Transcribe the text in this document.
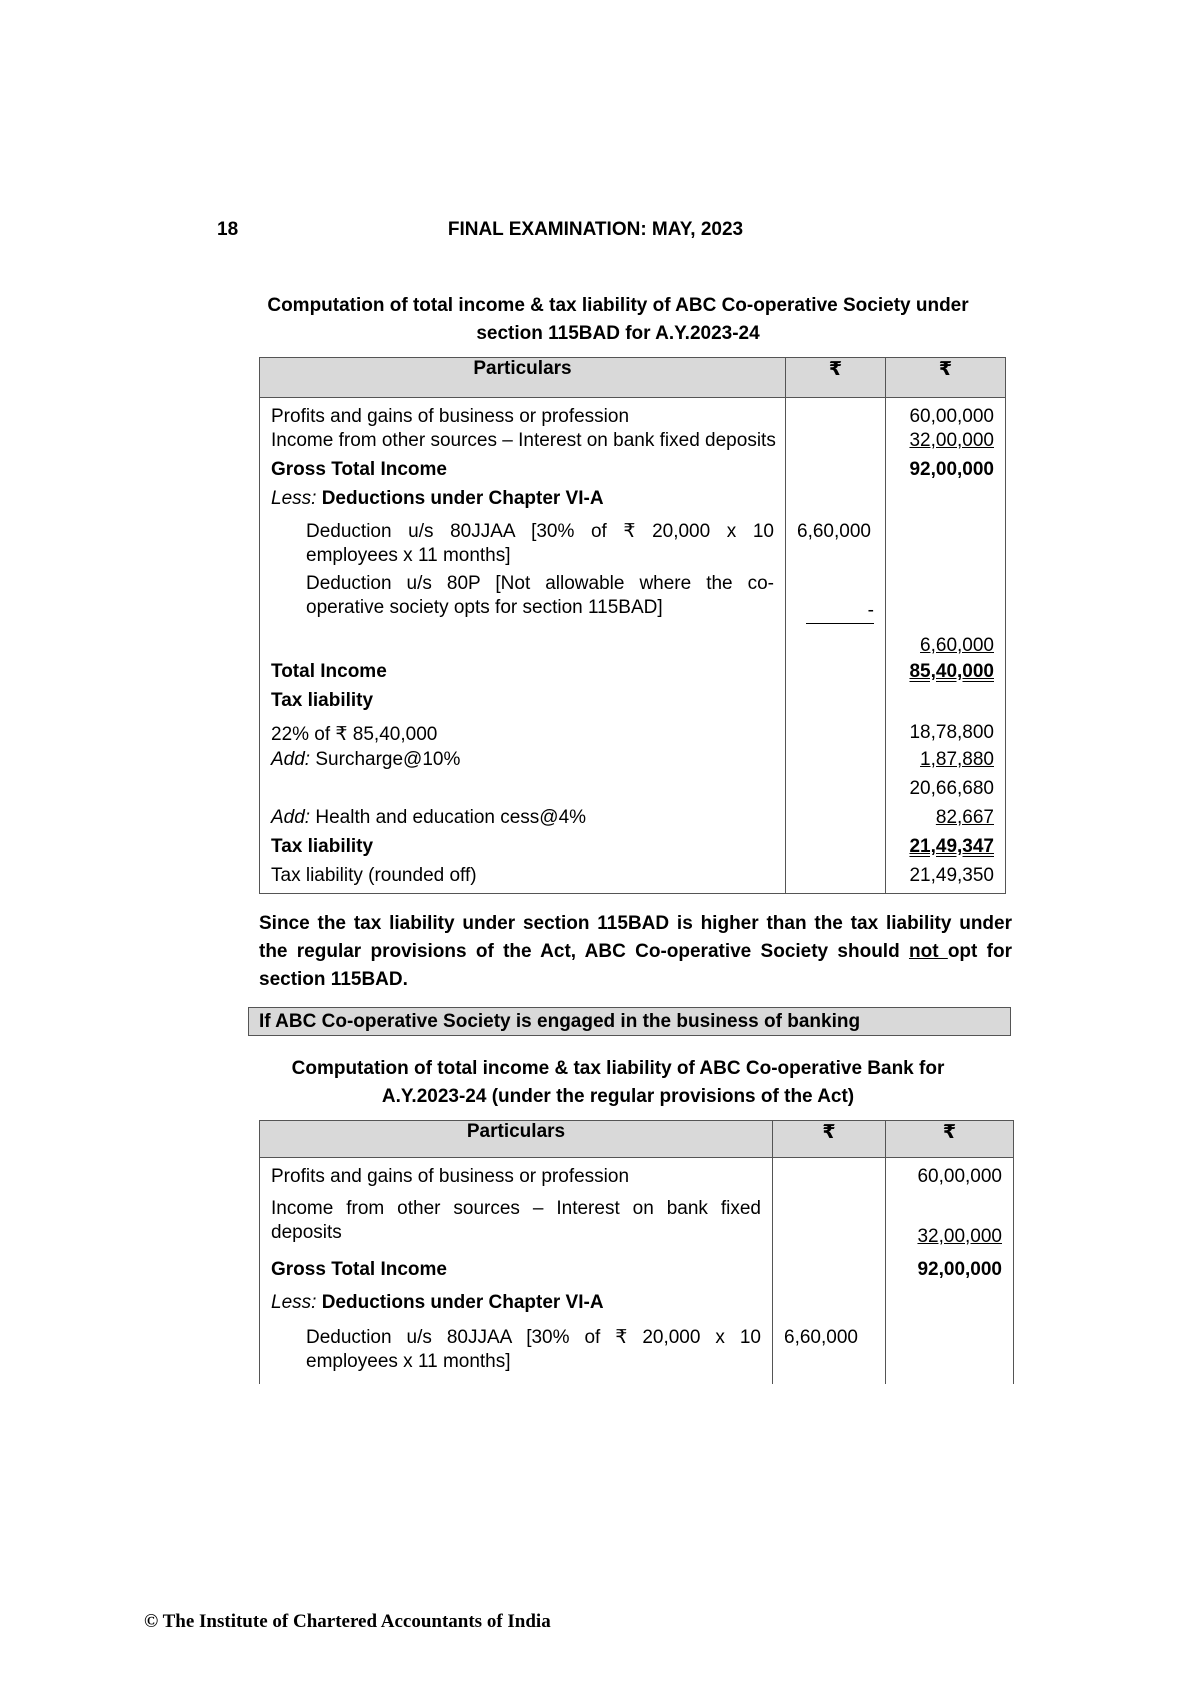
18	FINAL EXAMINATION: MAY, 2023
Computation of total income & tax liability of ABC Co-operative Society under section 115BAD for A.Y.2023-24
Particulars	₹	₹
Profits and gains of business or profession		60,00,000
Income from other sources – Interest on bank fixed deposits		32,00,000
Gross Total Income		92,00,000
Less: Deductions under Chapter VI-A		
Deduction u/s 80JJAA [30% of ₹ 20,000 x 10 employees x 11 months]	6,60,000	
Deduction u/s 80P [Not allowable where the co-operative society opts for section 115BAD]	-	
		6,60,000
Total Income		85,40,000
Tax liability		
22% of ₹ 85,40,000		18,78,800
Add: Surcharge@10%		1,87,880
		20,66,680
Add: Health and education cess@4%		82,667
Tax liability		21,49,347
Tax liability (rounded off)		21,49,350
Since the tax liability under section 115BAD is higher than the tax liability under the regular provisions of the Act, ABC Co-operative Society should not opt for section 115BAD.
If ABC Co-operative Society is engaged in the business of banking
Computation of total income & tax liability of ABC Co-operative Bank for A.Y.2023-24 (under the regular provisions of the Act)
Particulars	₹	₹
Profits and gains of business or profession		60,00,000
Income from other sources – Interest on bank fixed deposits		32,00,000
Gross Total Income		92,00,000
Less: Deductions under Chapter VI-A		
Deduction u/s 80JJAA [30% of ₹ 20,000 x 10 employees x 11 months]	6,60,000	
© The Institute of Chartered Accountants of India
